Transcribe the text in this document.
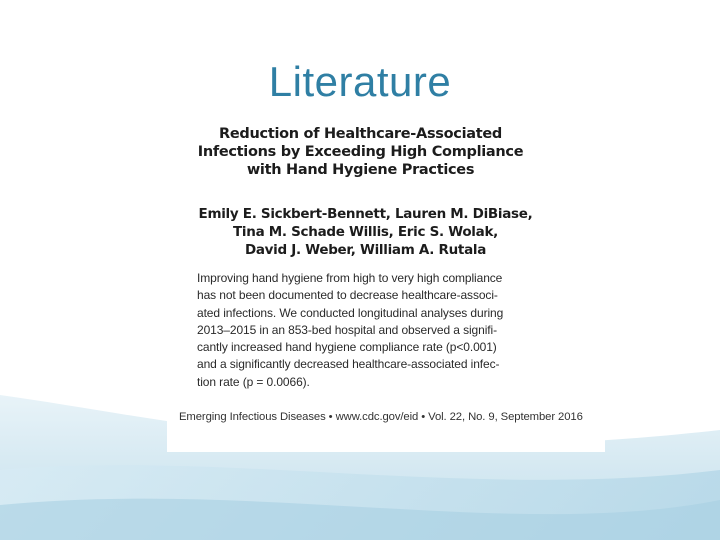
Literature
Reduction of Healthcare-Associated
Infections by Exceeding High Compliance
with Hand Hygiene Practices
Emily E. Sickbert-Bennett, Lauren M. DiBiase,
Tina M. Schade Willis, Eric S. Wolak,
David J. Weber, William A. Rutala
Improving hand hygiene from high to very high compliance
has not been documented to decrease healthcare-associ-
ated infections. We conducted longitudinal analyses during
2013–2015 in an 853-bed hospital and observed a signifi-
cantly increased hand hygiene compliance rate (p<0.001)
and a significantly decreased healthcare-associated infec-
tion rate (p = 0.0066).
Emerging Infectious Diseases • www.cdc.gov/eid • Vol. 22, No. 9, September 2016
